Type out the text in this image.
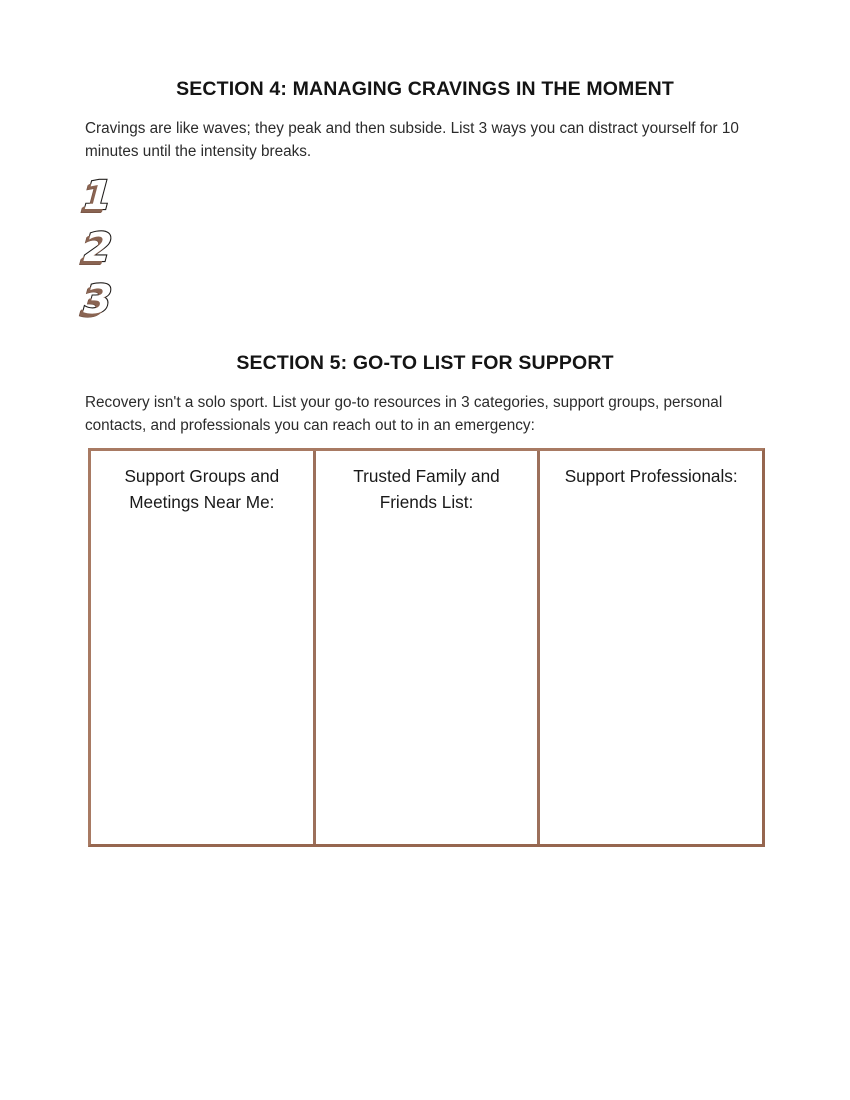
SECTION 4: MANAGING CRAVINGS IN THE MOMENT

Cravings are like waves; they peak and then subside. List 3 ways you can distract yourself for 10 minutes until the intensity breaks.

1
2
3
SECTION 5: GO-TO LIST FOR SUPPORT

Recovery isn't a solo sport. List your go-to resources in 3 categories, support groups, personal contacts, and professionals you can reach out to in an emergency:

Support Groups and Meetings Near Me:

Trusted Family and Friends List:

Support Professionals:
